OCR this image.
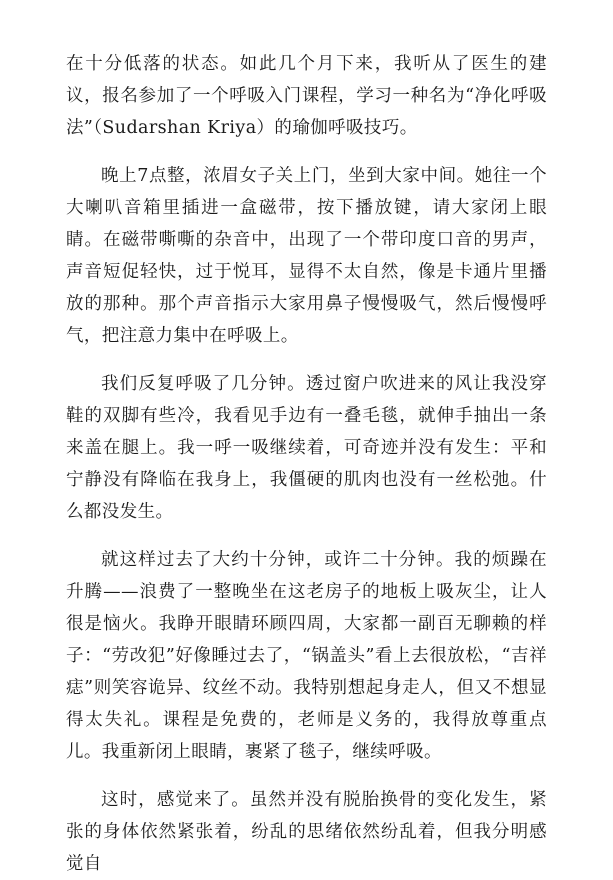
在十分低落的状态。如此几个月下来，我听从了医生的建议，报名参加了一个呼吸入门课程，学习一种名为“净化呼吸法”（Sudarshan Kriya）的瑜伽呼吸技巧。

晚上7点整，浓眉女子关上门，坐到大家中间。她往一个大喇叭音箱里插进一盒磁带，按下播放键，请大家闭上眼睛。在磁带嘶嘶的杂音中，出现了一个带印度口音的男声，声音短促轻快，过于悦耳，显得不太自然，像是卡通片里播放的那种。那个声音指示大家用鼻子慢慢吸气，然后慢慢呼气，把注意力集中在呼吸上。

我们反复呼吸了几分钟。透过窗户吹进来的风让我没穿鞋的双脚有些冷，我看见手边有一叠毛毯，就伸手抽出一条来盖在腿上。我一呼一吸继续着，可奇迹并没有发生：平和宁静没有降临在我身上，我僵硬的肌肉也没有一丝松弛。什么都没发生。

就这样过去了大约十分钟，或许二十分钟。我的烦躁在升腾——浪费了一整晚坐在这老房子的地板上吸灰尘，让人很是恼火。我睁开眼睛环顾四周，大家都一副百无聊赖的样子：“劳改犯”好像睡过去了，“锅盖头”看上去很放松，“吉祥痣”则笑容诡异、纹丝不动。我特别想起身走人，但又不想显得太失礼。课程是免费的，老师是义务的，我得放尊重点儿。我重新闭上眼睛，裹紧了毯子，继续呼吸。

这时，感觉来了。虽然并没有脱胎换骨的变化发生，紧张的身体依然紧张着，纷乱的思绪依然纷乱着，但我分明感觉自
